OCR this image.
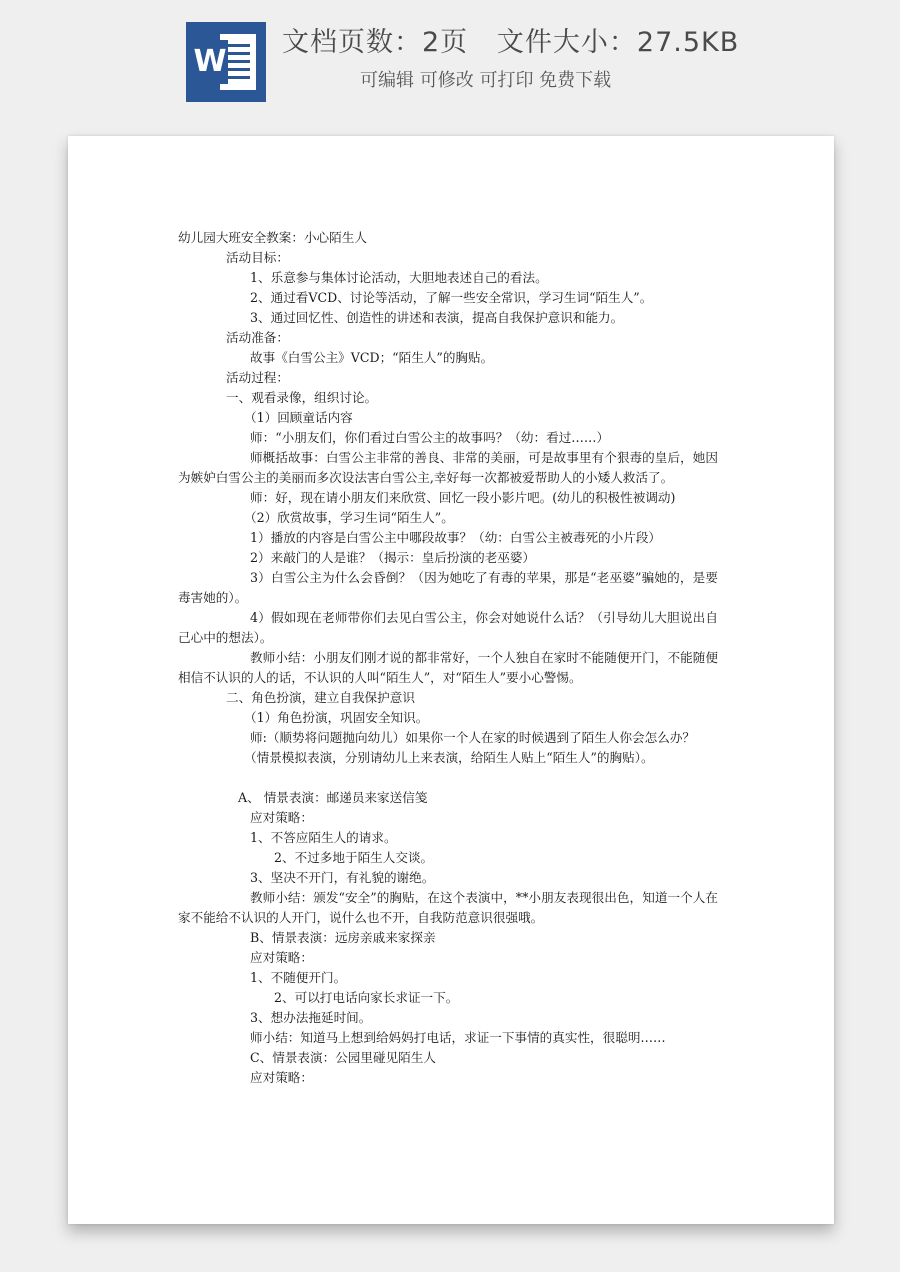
W
文档页数：2页   文件大小：27.5KB
可编辑 可修改 可打印 免费下载

幼儿园大班安全教案：小心陌生人

活动目标：

1、乐意参与集体讨论活动，大胆地表述自己的看法。

2、通过看VCD、讨论等活动，了解一些安全常识，学习生词“陌生人”。

3、通过回忆性、创造性的讲述和表演，提高自我保护意识和能力。

活动准备：

故事《白雪公主》VCD；“陌生人”的胸贴。

活动过程：

一、观看录像，组织讨论。

（1）回顾童话内容

师：“小朋友们，你们看过白雪公主的故事吗？（幼：看过……）

师概括故事：白雪公主非常的善良、非常的美丽，可是故事里有个狠毒的皇后，她因为嫉妒白雪公主的美丽而多次设法害白雪公主,幸好每一次都被爱帮助人的小矮人救活了。

师：好，现在请小朋友们来欣赏、回忆一段小影片吧。(幼儿的积极性被调动)

（2）欣赏故事，学习生词“陌生人”。

1）播放的内容是白雪公主中哪段故事？（幼：白雪公主被毒死的小片段）

2）来敲门的人是谁？（揭示：皇后扮演的老巫婆）

3）白雪公主为什么会昏倒？（因为她吃了有毒的苹果，那是“老巫婆”骗她的，是要毒害她的）。

4）假如现在老师带你们去见白雪公主，你会对她说什么话？（引导幼儿大胆说出自己心中的想法）。

教师小结：小朋友们刚才说的都非常好，一个人独自在家时不能随便开门，不能随便相信不认识的人的话，不认识的人叫“陌生人”，对“陌生人”要小心警惕。

二、角色扮演，建立自我保护意识

（1）角色扮演，巩固安全知识。

师:（顺势将问题抛向幼儿）如果你一个人在家的时候遇到了陌生人你会怎么办？

（情景模拟表演，分别请幼儿上来表演，给陌生人贴上“陌生人”的胸贴）。

A、 情景表演：邮递员来家送信笺

应对策略：

1、不答应陌生人的请求。

2、不过多地于陌生人交谈。

3、坚决不开门，有礼貌的谢绝。

教师小结：颁发“安全”的胸贴，在这个表演中，**小朋友表现很出色，知道一个人在家不能给不认识的人开门，说什么也不开，自我防范意识很强哦。

B、情景表演：远房亲戚来家探亲

应对策略：

1、不随便开门。

2、可以打电话向家长求证一下。

3、想办法拖延时间。

师小结：知道马上想到给妈妈打电话，求证一下事情的真实性，很聪明……

C、情景表演：公园里碰见陌生人

应对策略：
